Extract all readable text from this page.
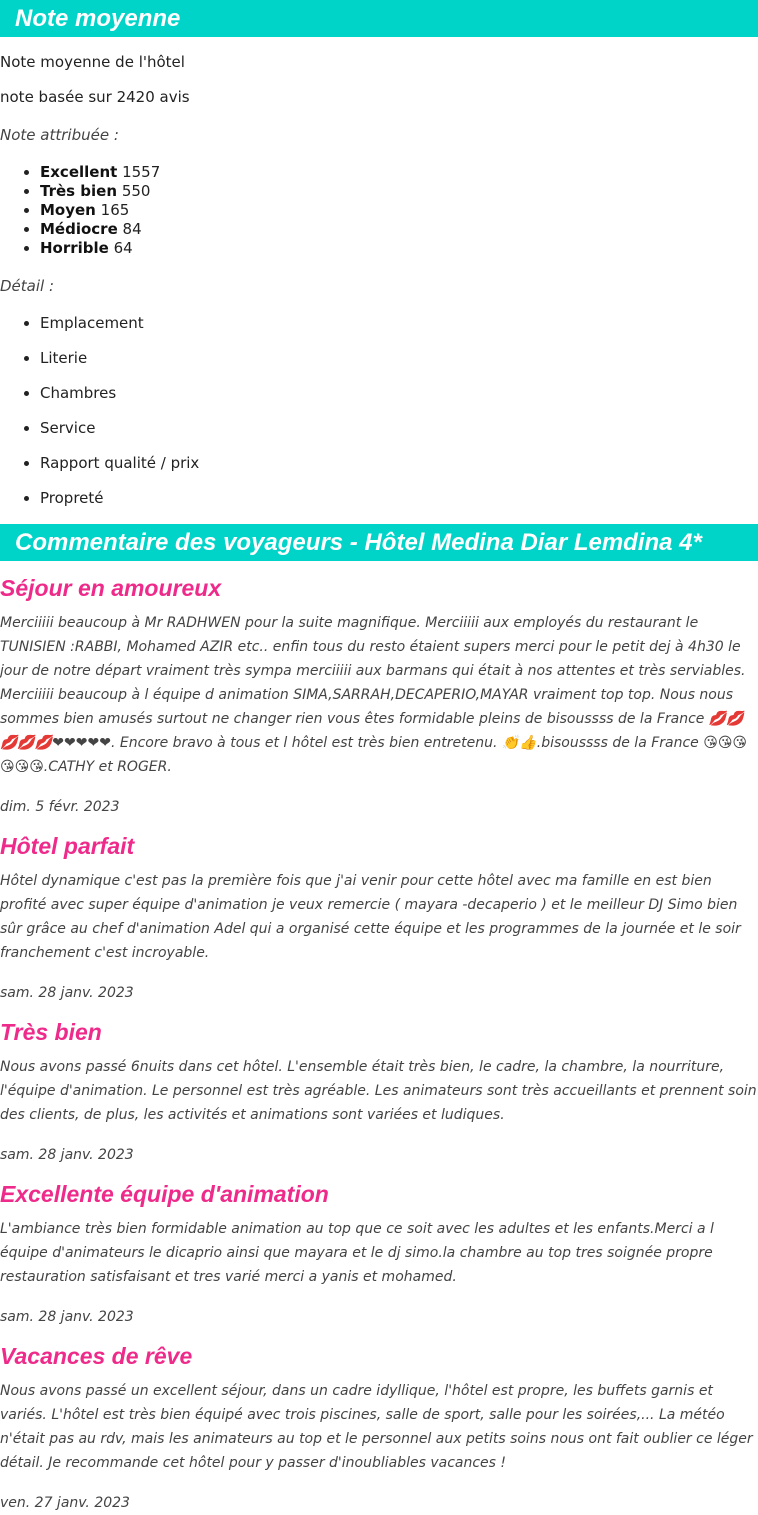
Note moyenne

Note moyenne de l'hôtel

note basée sur 2420 avis

Note attribuée :

• Excellent 1557
• Très bien 550
• Moyen 165
• Médiocre 84
• Horrible 64

Détail :

• Emplacement
• Literie
• Chambres
• Service
• Rapport qualité / prix
• Propreté
Commentaire des voyageurs - Hôtel Medina Diar Lemdina 4*
Séjour en amoureux

Merciiiii beaucoup à Mr RADHWEN pour la suite magnifique. Merciiiii aux employés du restaurant le TUNISIEN :RABBI, Mohamed AZIR etc.. enfin tous du resto étaient supers merci pour le petit dej à 4h30 le jour de notre départ vraiment très sympa merciiiii aux barmans qui était à nos attentes et très serviables. Merciiiii beaucoup à l équipe d animation SIMA,SARRAH,DECAPERIO,MAYAR vraiment top top. Nous nous sommes bien amusés surtout ne changer rien vous êtes formidable pleins de bisoussss de la France 💋💋💋💋💋❤❤❤❤❤. Encore bravo à tous et l hôtel est très bien entretenu. 👏👍.bisoussss de la France 😘😘😘😘😘😘.CATHY et ROGER.

dim. 5 févr. 2023

Hôtel parfait

Hôtel dynamique c'est pas la première fois que j'ai venir pour cette hôtel avec ma famille en est bien profité avec super équipe d'animation je veux remercie ( mayara -decaperio ) et le meilleur DJ Simo bien sûr grâce au chef d'animation Adel qui a organisé cette équipe et les programmes de la journée et le soir franchement c'est incroyable.

sam. 28 janv. 2023

Très bien

Nous avons passé 6nuits dans cet hôtel. L'ensemble était très bien, le cadre, la chambre, la nourriture, l'équipe d'animation. Le personnel est très agréable. Les animateurs sont très accueillants et prennent soin des clients, de plus, les activités et animations sont variées et ludiques.

sam. 28 janv. 2023

Excellente équipe d'animation

L'ambiance très bien formidable animation au top que ce soit avec les adultes et les enfants.Merci a l équipe d'animateurs le dicaprio ainsi que mayara et le dj simo.la chambre au top tres soignée propre restauration satisfaisant et tres varié merci a yanis et mohamed.

sam. 28 janv. 2023

Vacances de rêve

Nous avons passé un excellent séjour, dans un cadre idyllique, l'hôtel est propre, les buffets garnis et variés. L'hôtel est très bien équipé avec trois piscines, salle de sport, salle pour les soirées,... La météo n'était pas au rdv, mais les animateurs au top et le personnel aux petits soins nous ont fait oublier ce léger détail. Je recommande cet hôtel pour y passer d'inoubliables vacances !

ven. 27 janv. 2023
